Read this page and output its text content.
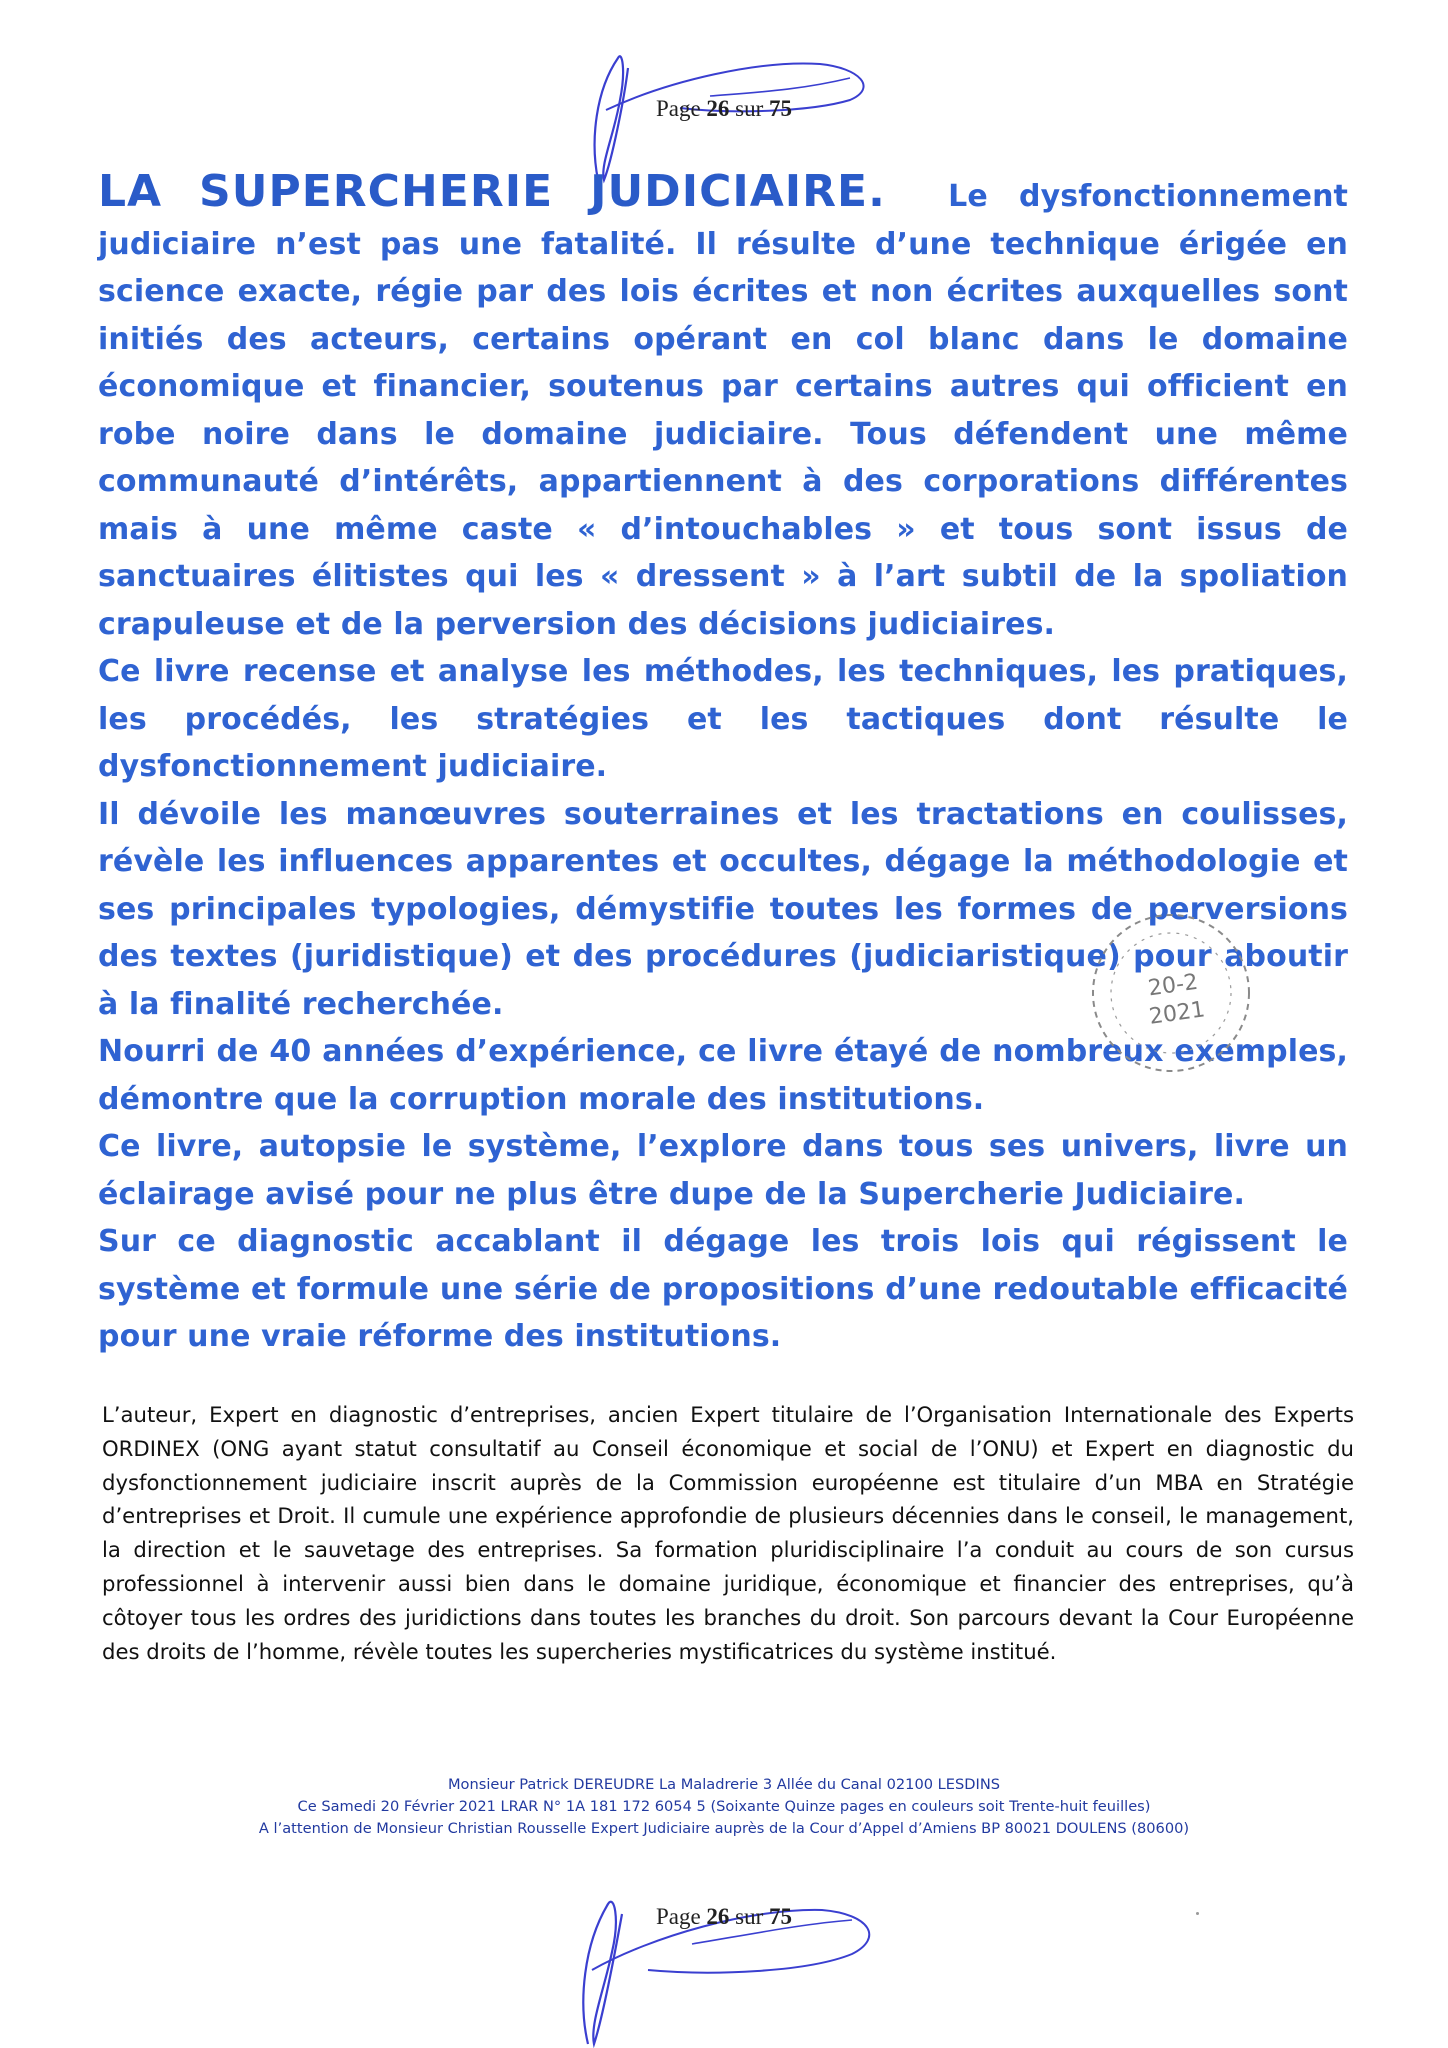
Page 26 sur 75

LA SUPERCHERIE JUDICIAIRE. Le dysfonctionnement judiciaire n’est pas une fatalité. Il résulte d’une technique érigée en science exacte, régie par des lois écrites et non écrites auxquelles sont initiés des acteurs, certains opérant en col blanc dans le domaine économique et financier, soutenus par certains autres qui officient en robe noire dans le domaine judiciaire. Tous défendent une même communauté d’intérêts, appartiennent à des corporations différentes mais à une même caste « d’intouchables » et tous sont issus de sanctuaires élitistes qui les « dressent » à l’art subtil de la spoliation crapuleuse et de la perversion des décisions judiciaires.

Ce livre recense et analyse les méthodes, les techniques, les pratiques, les procédés, les stratégies et les tactiques dont résulte le dysfonctionnement judiciaire.

Il dévoile les manœuvres souterraines et les tractations en coulisses, révèle les influences apparentes et occultes, dégage la méthodologie et ses principales typologies, démystifie toutes les formes de perversions des textes (juridistique) et des procédures (judiciaristique) pour aboutir à la finalité recherchée.

Nourri de 40 années d’expérience, ce livre étayé de nombreux exemples, démontre que la corruption morale des institutions.

Ce livre, autopsie le système, l’explore dans tous ses univers, livre un éclairage avisé pour ne plus être dupe de la Supercherie Judiciaire.

Sur ce diagnostic accablant il dégage les trois lois qui régissent le système et formule une série de propositions d’une redoutable efficacité pour une vraie réforme des institutions.

20-2
2021
L’auteur, Expert en diagnostic d’entreprises, ancien Expert titulaire de l’Organisation Internationale des Experts ORDINEX (ONG ayant statut consultatif au Conseil économique et social de l’ONU) et Expert en diagnostic du dysfonctionnement judiciaire inscrit auprès de la Commission européenne est titulaire d’un MBA en Stratégie d’entreprises et Droit. Il cumule une expérience approfondie de plusieurs décennies dans le conseil, le management, la direction et le sauvetage des entreprises. Sa formation pluridisciplinaire l’a conduit au cours de son cursus professionnel à intervenir aussi bien dans le domaine juridique, économique et financier des entreprises, qu’à côtoyer tous les ordres des juridictions dans toutes les branches du droit. Son parcours devant la Cour Européenne des droits de l’homme, révèle toutes les supercheries mystificatrices du système institué.
Monsieur Patrick DEREUDRE La Maladrerie 3 Allée du Canal 02100 LESDINS
Ce Samedi 20 Février 2021 LRAR N° 1A 181 172 6054 5 (Soixante Quinze pages en couleurs soit Trente-huit feuilles)
A l’attention de Monsieur Christian Rousselle Expert Judiciaire auprès de la Cour d’Appel d’Amiens BP 80021 DOULENS (80600)
Page 26 sur 75
